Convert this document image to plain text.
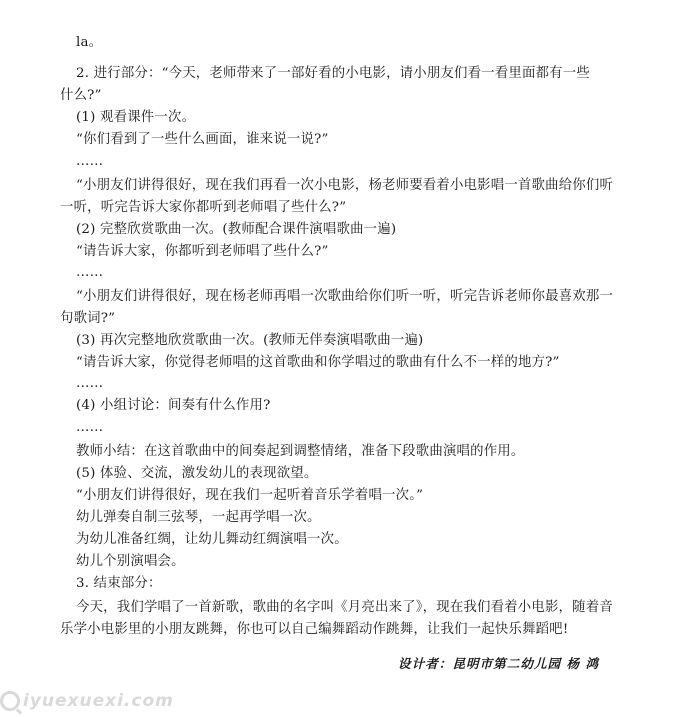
la。
2. 进行部分：“今天，老师带来了一部好看的小电影，请小朋友们看一看里面都有一些
什么?”
(1) 观看课件一次。
“你们看到了一些什么画面，谁来说一说?”
……
“小朋友们讲得很好，现在我们再看一次小电影，杨老师要看着小电影唱一首歌曲给你们听
一听，听完告诉大家你都听到老师唱了些什么?”
(2) 完整欣赏歌曲一次。(教师配合课件演唱歌曲一遍)
“请告诉大家，你都听到老师唱了些什么?”
……
“小朋友们讲得很好，现在杨老师再唱一次歌曲给你们听一听，听完告诉老师你最喜欢那一
句歌词?”
(3) 再次完整地欣赏歌曲一次。(教师无伴奏演唱歌曲一遍)
“请告诉大家，你觉得老师唱的这首歌曲和你学唱过的歌曲有什么不一样的地方?”
……
(4) 小组讨论：间奏有什么作用?
……
教师小结：在这首歌曲中的间奏起到调整情绪，准备下段歌曲演唱的作用。
(5) 体验、交流，激发幼儿的表现欲望。
“小朋友们讲得很好，现在我们一起听着音乐学着唱一次。”
幼儿弹奏自制三弦琴，一起再学唱一次。
为幼儿准备红绸，让幼儿舞动红绸演唱一次。
幼儿个别演唱会。
3. 结束部分：
今天，我们学唱了一首新歌，歌曲的名字叫《月亮出来了》，现在我们看着小电影，随着音
乐学小电影里的小朋友跳舞，你也可以自己编舞蹈动作跳舞，让我们一起快乐舞蹈吧!
设计者：昆明市第二幼儿园 杨 鸿
iyuexuexi.com
